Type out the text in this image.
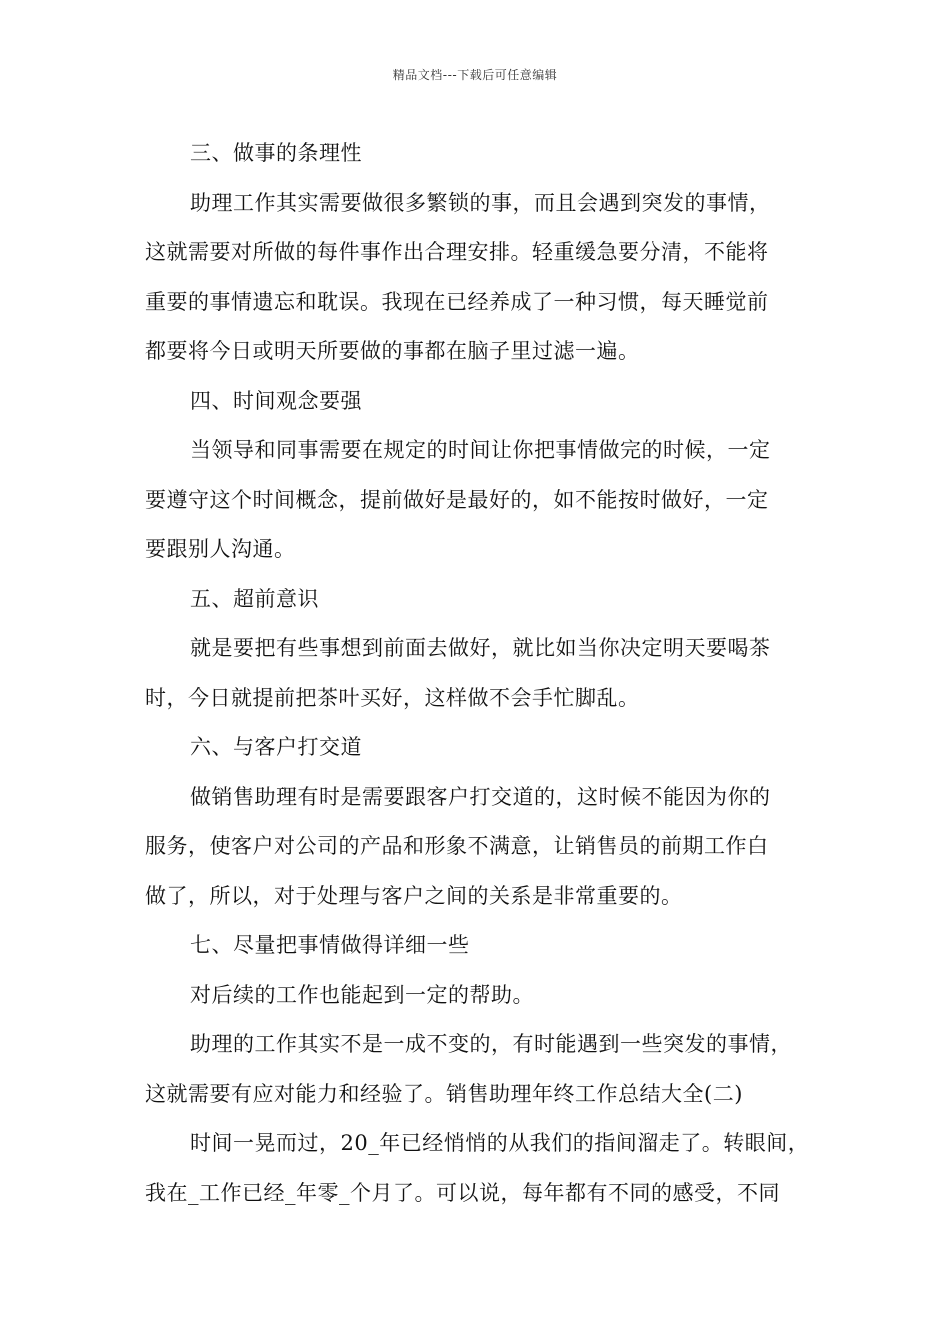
精品文档---下载后可任意编辑
三、做事的条理性
助理工作其实需要做很多繁锁的事，而且会遇到突发的事情，
这就需要对所做的每件事作出合理安排。轻重缓急要分清，不能将
重要的事情遗忘和耽误。我现在已经养成了一种习惯，每天睡觉前
都要将今日或明天所要做的事都在脑子里过滤一遍。
四、时间观念要强
当领导和同事需要在规定的时间让你把事情做完的时候，一定
要遵守这个时间概念，提前做好是最好的，如不能按时做好，一定
要跟别人沟通。
五、超前意识
就是要把有些事想到前面去做好，就比如当你决定明天要喝茶
时，今日就提前把茶叶买好，这样做不会手忙脚乱。
六、与客户打交道
做销售助理有时是需要跟客户打交道的，这时候不能因为你的
服务，使客户对公司的产品和形象不满意，让销售员的前期工作白
做了，所以，对于处理与客户之间的关系是非常重要的。
七、尽量把事情做得详细一些
对后续的工作也能起到一定的帮助。
助理的工作其实不是一成不变的，有时能遇到一些突发的事情，
这就需要有应对能力和经验了。销售助理年终工作总结大全(二)
时间一晃而过，20_年已经悄悄的从我们的指间溜走了。转眼间，
我在_工作已经_年零_个月了。可以说，每年都有不同的感受，不同
